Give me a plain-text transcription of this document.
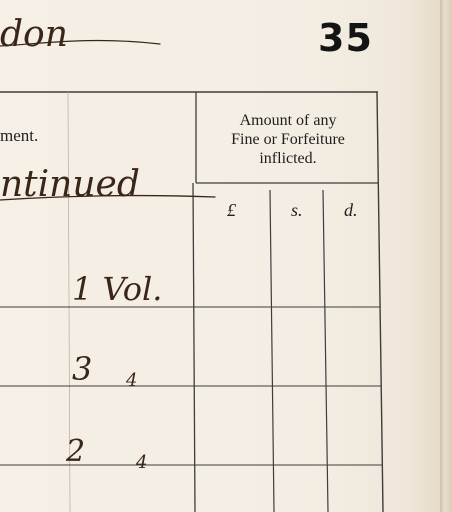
35
don
ment.
Amount of any
Fine or Forfeiture
inflicted.
£	s. d.
ntinued
1 Vol.
3 4
2	4
